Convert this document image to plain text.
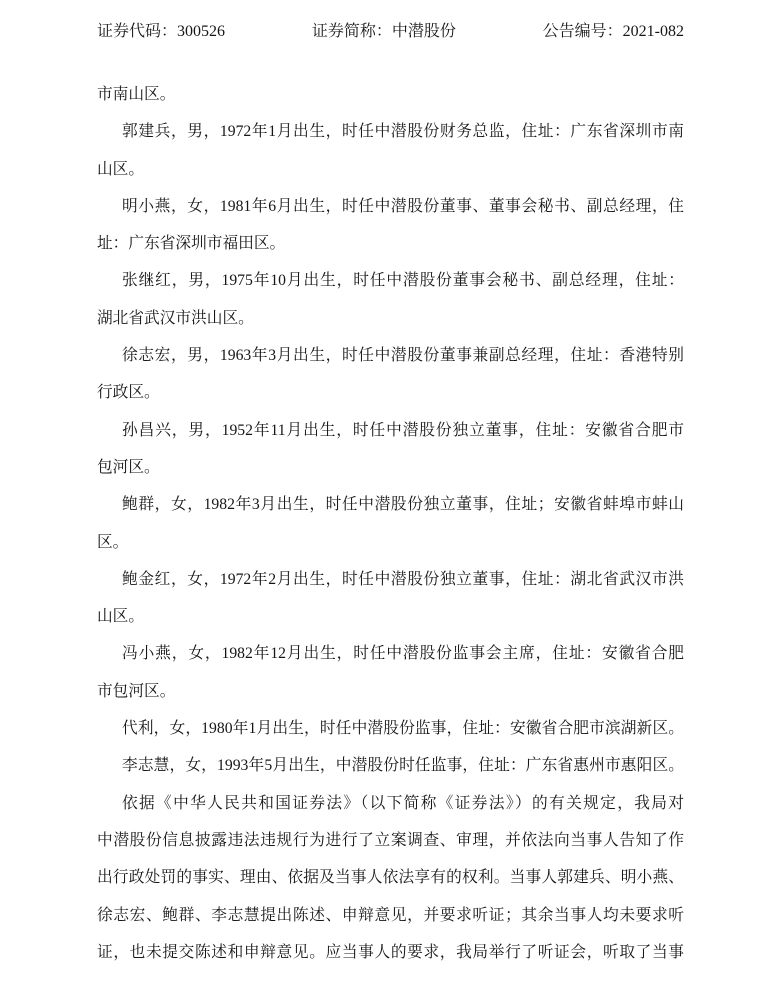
证券代码：300526	证券简称：中潜股份	公告编号：2021-082
市南山区。
郭建兵，男，1972年1月出生，时任中潜股份财务总监，住址：广东省深圳市南
山区。
明小燕，女，1981年6月出生，时任中潜股份董事、董事会秘书、副总经理，住
址：广东省深圳市福田区。
张继红，男，1975年10月出生，时任中潜股份董事会秘书、副总经理，住址：
湖北省武汉市洪山区。
徐志宏，男，1963年3月出生，时任中潜股份董事兼副总经理，住址：香港特别
行政区。
孙昌兴，男，1952年11月出生，时任中潜股份独立董事，住址：安徽省合肥市
包河区。
鲍群，女，1982年3月出生，时任中潜股份独立董事，住址；安徽省蚌埠市蚌山
区。
鲍金红，女，1972年2月出生，时任中潜股份独立董事，住址：湖北省武汉市洪
山区。
冯小燕，女，1982年12月出生，时任中潜股份监事会主席，住址：安徽省合肥
市包河区。
代利，女，1980年1月出生，时任中潜股份监事，住址：安徽省合肥市滨湖新区。
李志慧，女，1993年5月出生，中潜股份时任监事，住址：广东省惠州市惠阳区。
依据《中华人民共和国证券法》（以下简称《证券法》）的有关规定，我局对
中潜股份信息披露违法违规行为进行了立案调查、审理，并依法向当事人告知了作
出行政处罚的事实、理由、依据及当事人依法享有的权利。当事人郭建兵、明小燕、
徐志宏、鲍群、李志慧提出陈述、申辩意见，并要求听证；其余当事人均未要求听
证，也未提交陈述和申辩意见。应当事人的要求，我局举行了听证会，听取了当事
